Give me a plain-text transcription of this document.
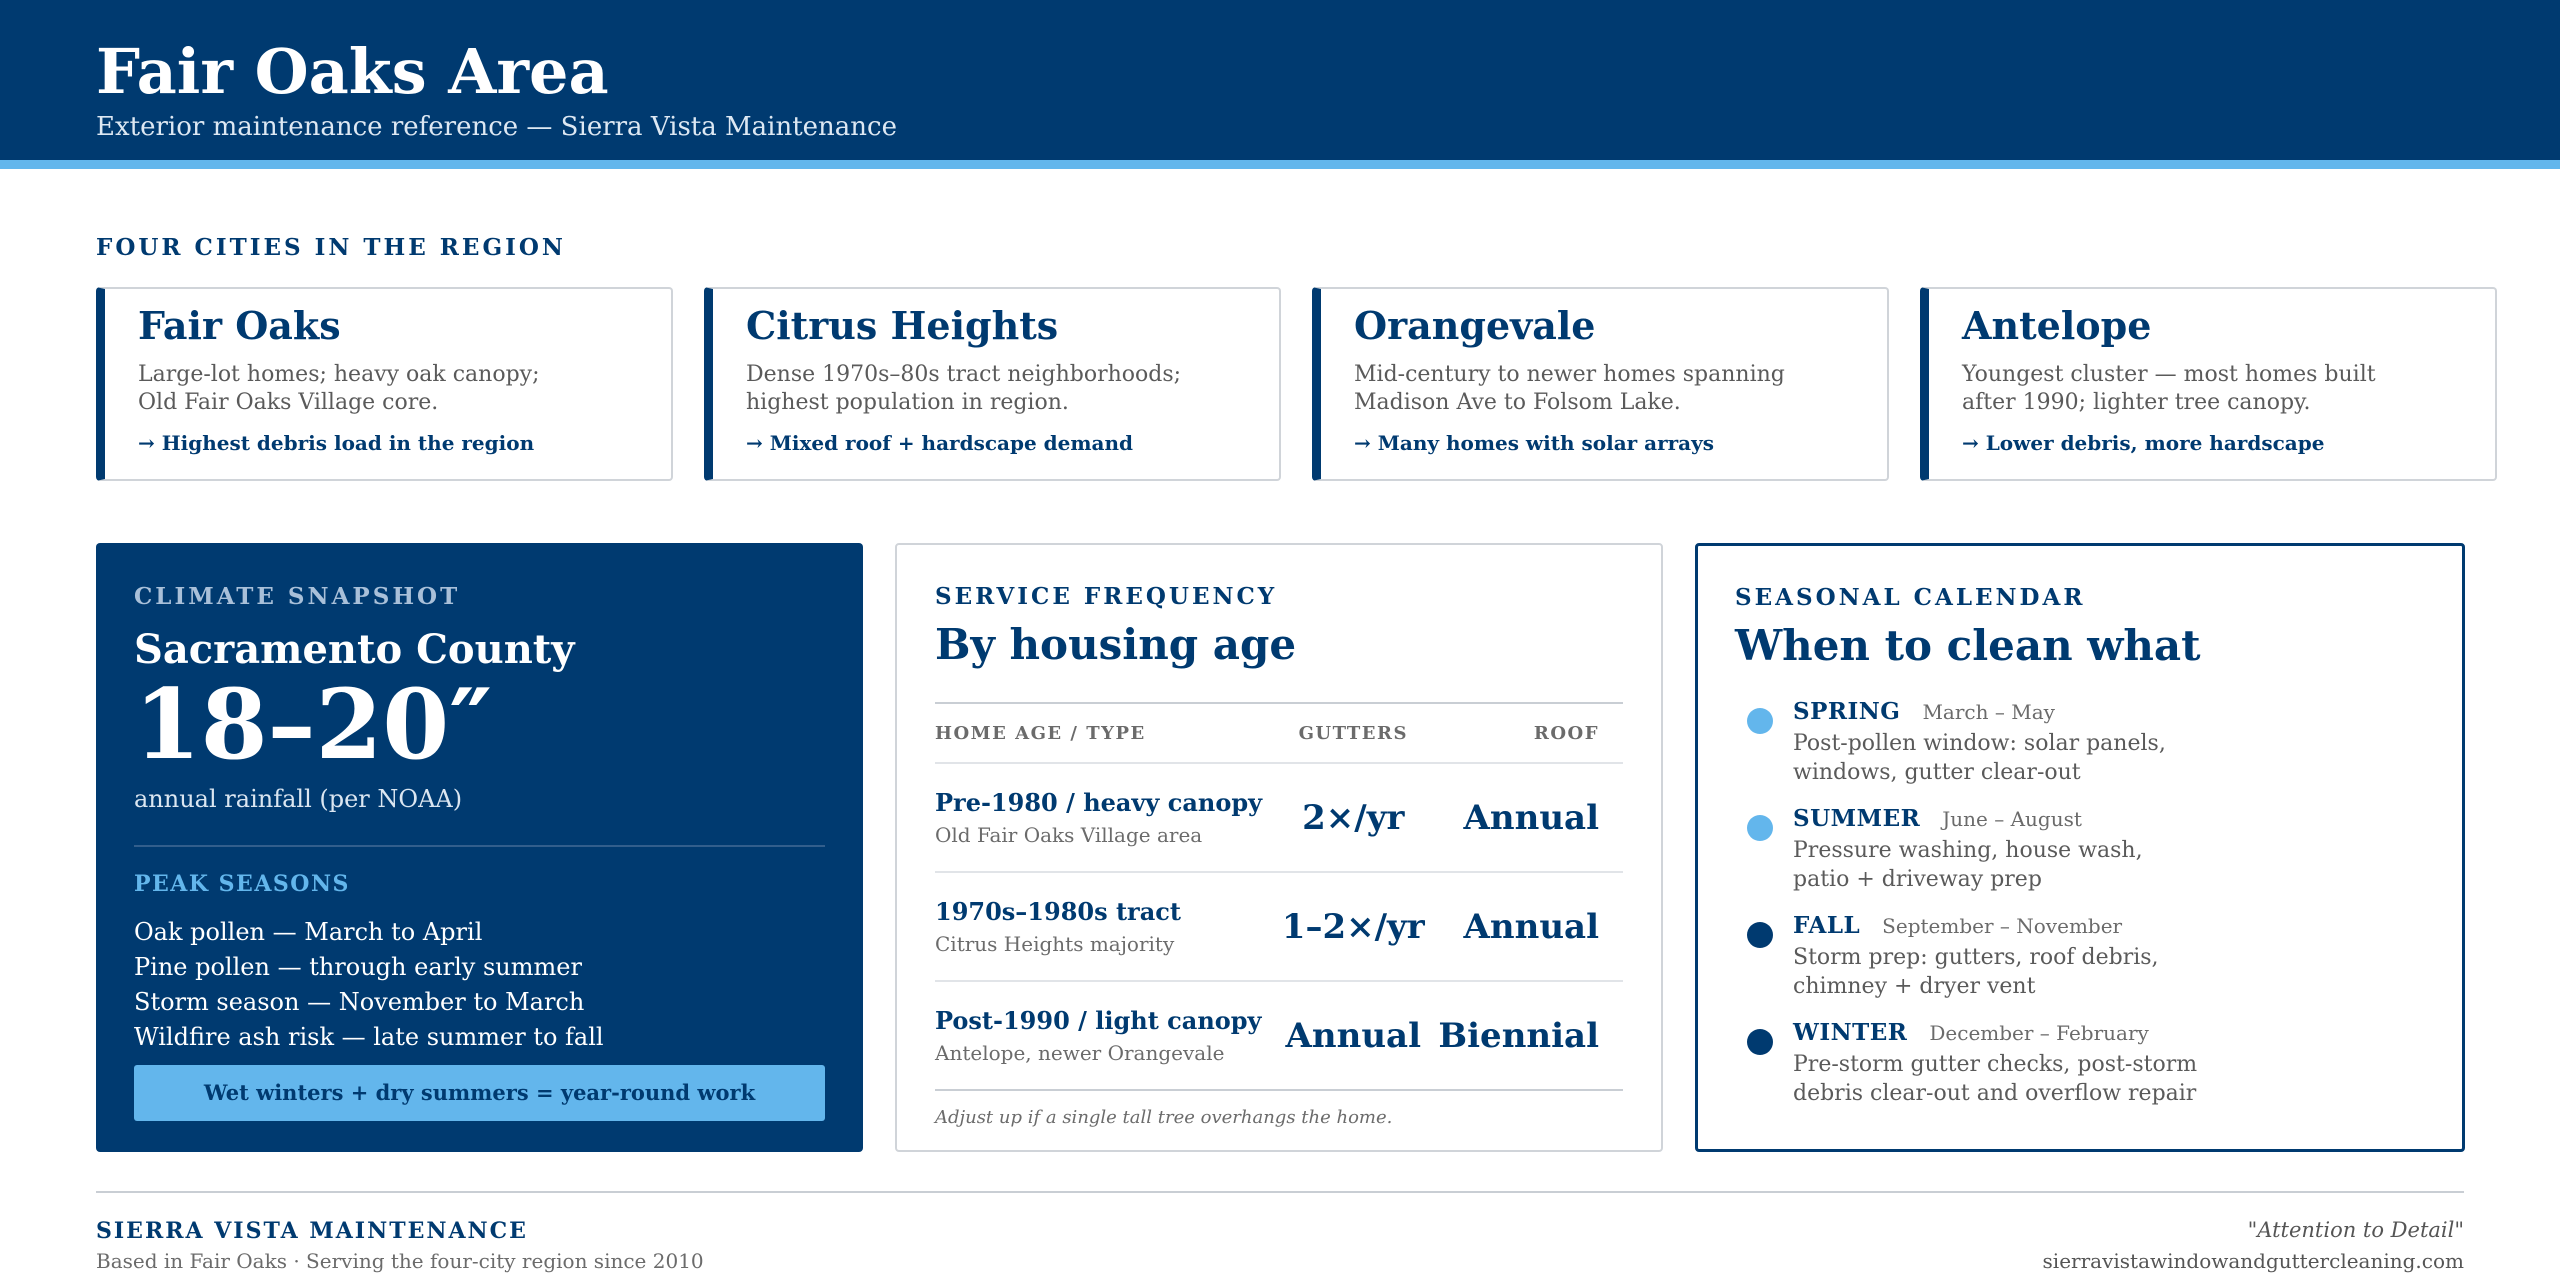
Fair Oaks Area
Exterior maintenance reference — Sierra Vista Maintenance
FOUR CITIES IN THE REGION
Fair Oaks
Large-lot homes; heavy oak canopy;
Old Fair Oaks Village core.
→ Highest debris load in the region
Citrus Heights
Dense 1970s–80s tract neighborhoods;
highest population in region.
→ Mixed roof + hardscape demand
Orangevale
Mid-century to newer homes spanning
Madison Ave to Folsom Lake.
→ Many homes with solar arrays
Antelope
Youngest cluster — most homes built
after 1990; lighter tree canopy.
→ Lower debris, more hardscape
CLIMATE SNAPSHOT
Sacramento County
18–20″
annual rainfall (per NOAA)
PEAK SEASONS
Oak pollen — March to April
Pine pollen — through early summer
Storm season — November to March
Wildfire ash risk — late summer to fall
Wet winters + dry summers = year-round work
SERVICE FREQUENCY
By housing age
HOME AGE / TYPE	GUTTERS	ROOF

Pre-1980 / heavy canopy
Old Fair Oaks Village area	2×/yr	Annual

1970s–1980s tract
Citrus Heights majority	1–2×/yr	Annual

Post-1990 / light canopy
Antelope, newer Orangevale	Annual	Biennial
Adjust up if a single tall tree overhangs the home.
SEASONAL CALENDAR
When to clean what
SPRING March – May
Post-pollen window: solar panels,
windows, gutter clear-out
SUMMER June – August
Pressure washing, house wash,
patio + driveway prep
FALL September – November
Storm prep: gutters, roof debris,
chimney + dryer vent
WINTER December – February
Pre-storm gutter checks, post-storm
debris clear-out and overflow repair
SIERRA VISTA MAINTENANCE
Based in Fair Oaks · Serving the four-city region since 2010
"Attention to Detail"
sierravistawindowandguttercleaning.com
